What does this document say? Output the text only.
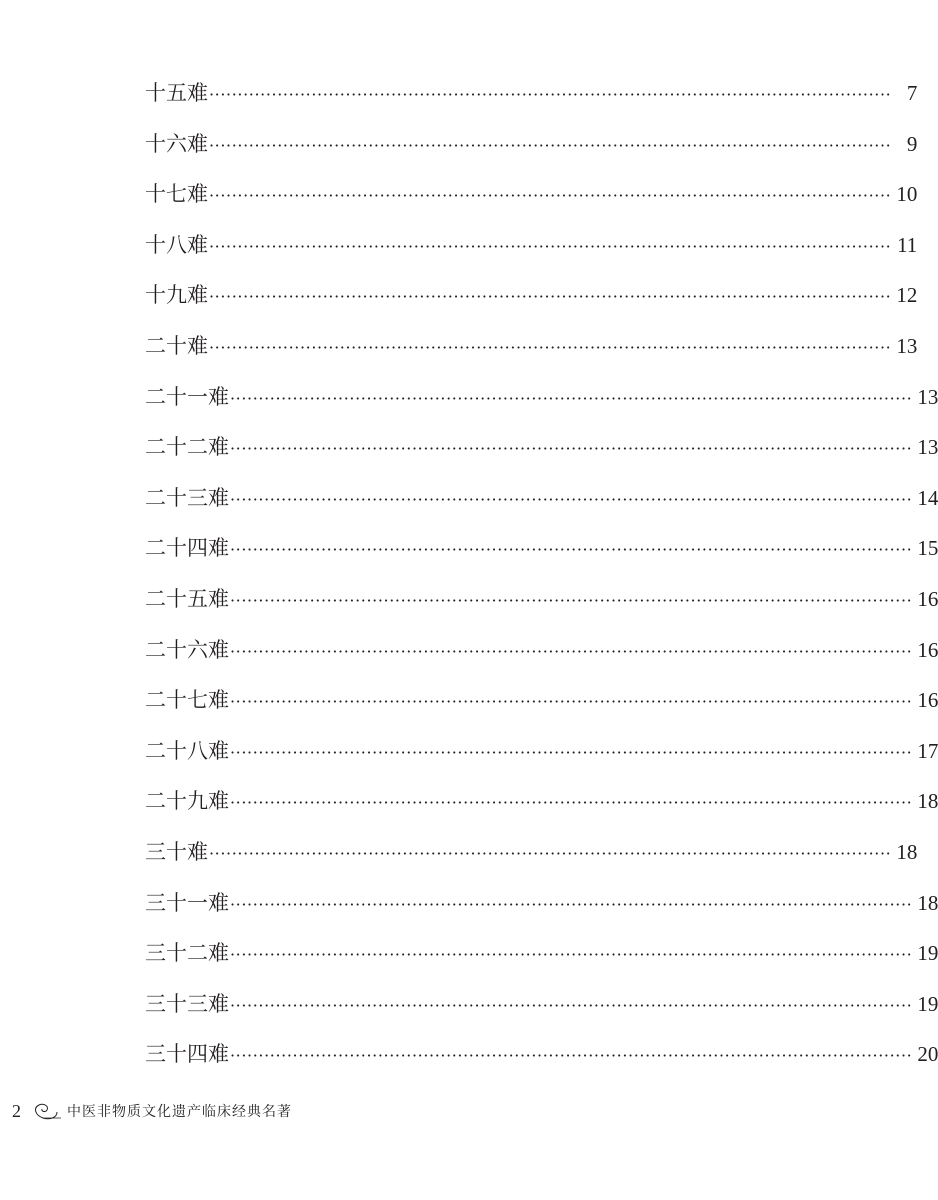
十五难 ························································································································ 7
十六难 ························································································································ 9
十七难 ························································································································ 10
十八难 ························································································································ 11
十九难 ························································································································ 12
二十难 ························································································································ 13
二十一难 ························································································································ 13
二十二难 ························································································································ 13
二十三难 ························································································································ 14
二十四难 ························································································································ 15
二十五难 ························································································································ 16
二十六难 ························································································································ 16
二十七难 ························································································································ 16
二十八难 ························································································································ 17
二十九难 ························································································································ 18
三十难 ························································································································ 18
三十一难 ························································································································ 18
三十二难 ························································································································ 19
三十三难 ························································································································ 19
三十四难 ························································································································ 20
2	中医非物质文化遗产临床经典名著
